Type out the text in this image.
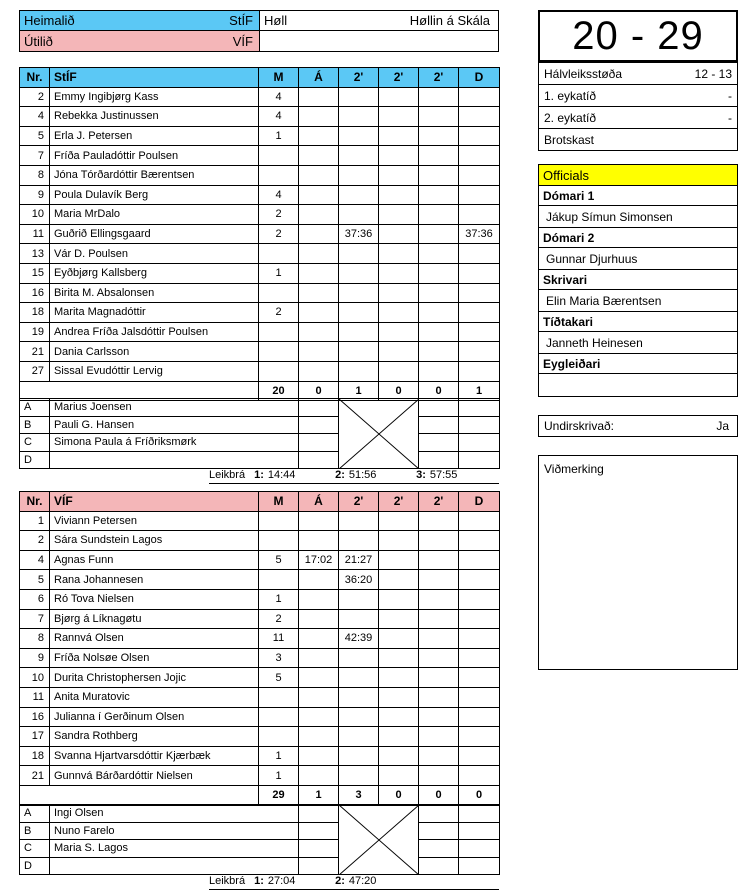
Heimalið	StÍF Høll	Høllin á Skála
Útilið	VÍF	20 - 29
Hálvleiksstøða	12 - 13
1. eykatíð	-
2. eykatíð	-
Brotskast
Officials
Dómari 1
Jákup Símun Simonsen
Dómari 2
Gunnar Djurhuus
Skrivari
Elin Maria Bærentsen
Tíðtakari
Janneth Heinesen
Eygleiðari
Undirskrivað:	Ja
Viðmerking
Nr.	StÍF	M	Á	2'	2'	2'	D
2	Emmy Ingibjørg Kass	4					
4	Rebekka Justinussen	4					
5	Erla J. Petersen	1					
7	Fríða Pauladóttir Poulsen						
8	Jóna Tórðardóttir Bærentsen						
9	Poula Dulavík Berg	4					
10	Maria MrDalo	2					
11	Guðrið Ellingsgaard	2		37:36			37:36
13	Vár D. Poulsen						
15	Eyðbjørg Kallsberg	1					
16	Birita M. Absalonsen						
18	Marita Magnadóttir	2					
19	Andrea Fríða Jalsdóttir Poulsen						
21	Dania Carlsson						
27	Sissal Evudóttir Lervig						
		20	0	1	0	0	1
A	Marius Joensen		

B	Pauli G. Hansen				
C	Simona Paula á Fríðriksmørk				
D					
Leikbrá 1: 14:44	2: 51:56	3: 57:55
Nr.	VÍF	M	Á	2'	2'	2'	D
1	Viviann Petersen						
2	Sára Sundstein Lagos						
4	Agnas Funn	5	17:02	21:27			
5	Rana Johannesen			36:20			
6	Ró Tova Nielsen	1					
7	Bjørg á Líknagøtu	2					
8	Rannvá Olsen	11		42:39			
9	Fríða Nolsøe Olsen	3					
10	Durita Christophersen Jojic	5					
11	Anita Muratovic						
16	Julianna í Gerðinum Olsen						
17	Sandra Rothberg						
18	Svanna Hjartvarsdóttir Kjærbæk	1					
21	Gunnvá Bárðardóttir Nielsen	1					
		29	1	3	0	0	0
A	Ingi Olsen		

B	Nuno Farelo				
C	Maria S. Lagos				
D					
Leikbrá 1: 27:04	2: 47:20
